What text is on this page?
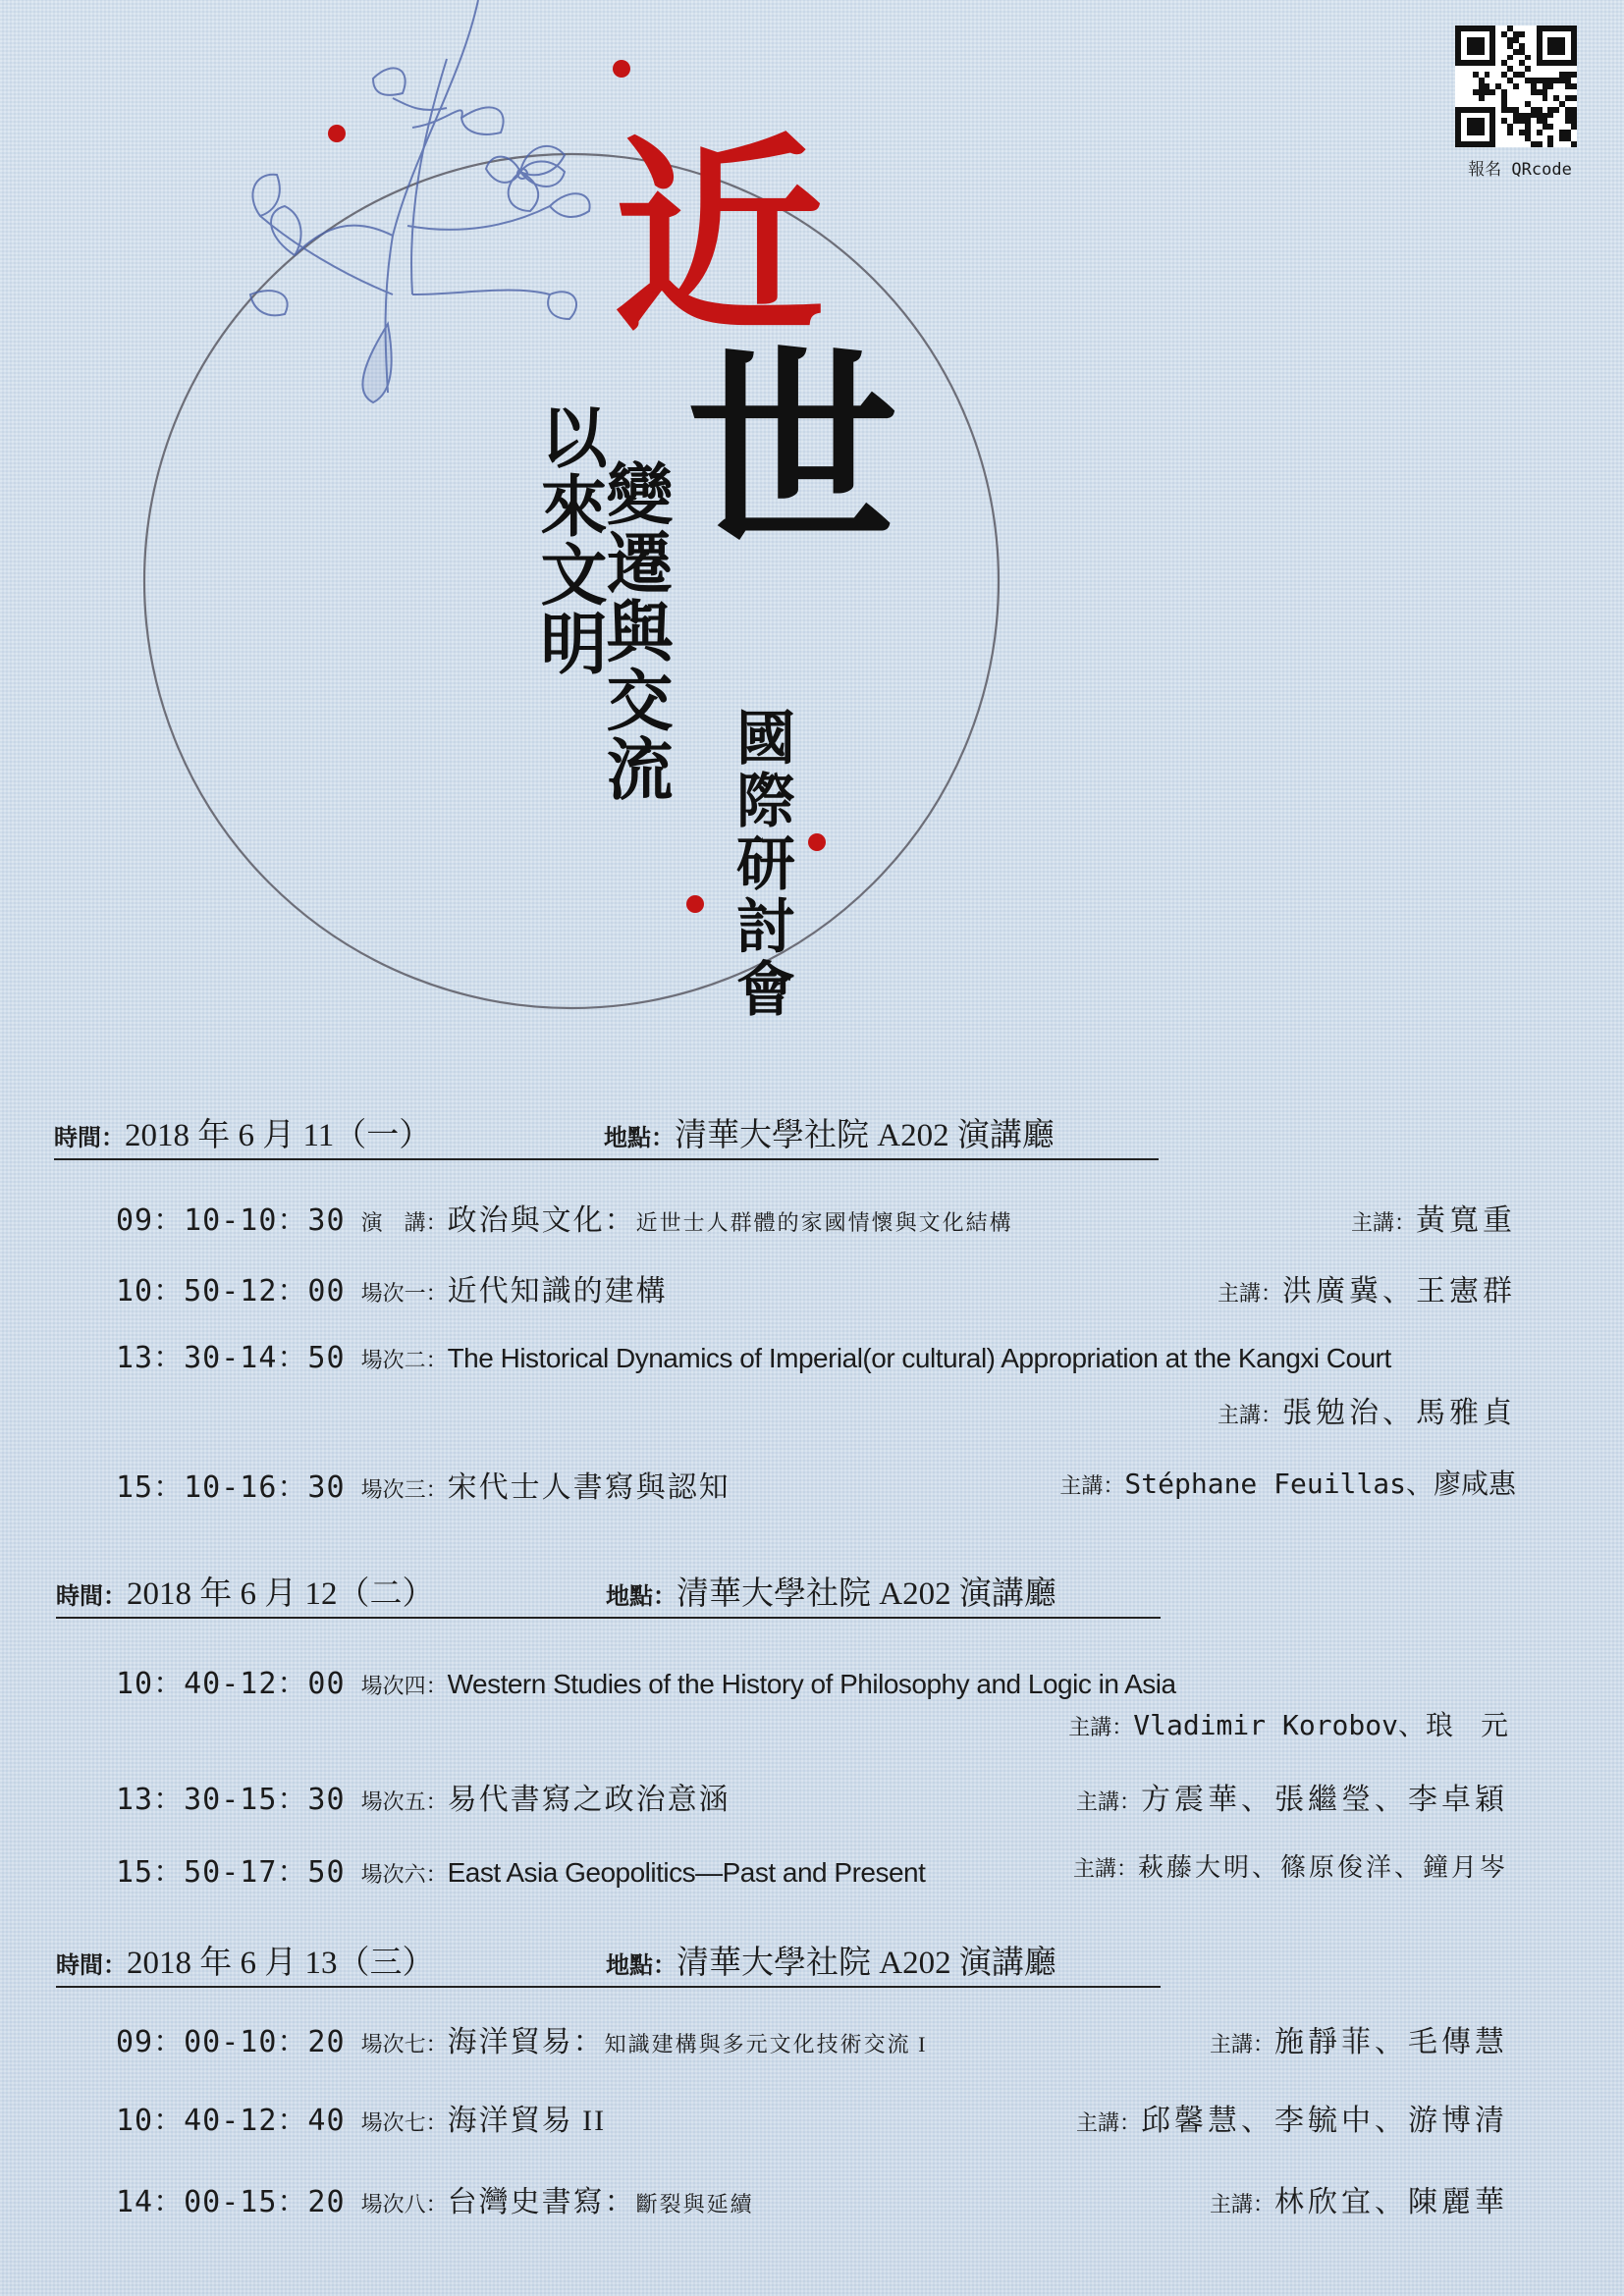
近
世
以來文明
變遷與交流
國際研討會
報名 QRcode
時間：2018 年 6 月 11（一）	地點：清華大學社院 A202 演講廳
09：10-10：30 演　講：政治與文化：近世士人群體的家國情懷與文化結構	主講：黃寬重
10：50-12：00 場次一：近代知識的建構	主講：洪廣冀、王憲群
13：30-14：50 場次二：The Historical Dynamics of Imperial(or cultural) Appropriation at the Kangxi Court
主講：張勉治、馬雅貞
15：10-16：30 場次三：宋代士人書寫與認知	主講：Stéphane Feuillas、廖咸惠
時間：2018 年 6 月 12（二）	地點：清華大學社院 A202 演講廳
10：40-12：00 場次四：Western Studies of the History of Philosophy and Logic in Asia
主講：Vladimir Korobov、琅　元
13：30-15：30 場次五：易代書寫之政治意涵	主講：方震華、張繼瑩、李卓穎
15：50-17：50 場次六：East Asia Geopolitics—Past and Present	主講：萩藤大明、篠原俊洋、鐘月岑
時間：2018 年 6 月 13（三）	地點：清華大學社院 A202 演講廳
09：00-10：20 場次七：海洋貿易：知識建構與多元文化技術交流 I	主講：施靜菲、毛傳慧
10：40-12：40 場次七：海洋貿易 II	主講：邱馨慧、李毓中、游博清
14：00-15：20 場次八：台灣史書寫：斷裂與延續	主講：林欣宜、陳麗華
